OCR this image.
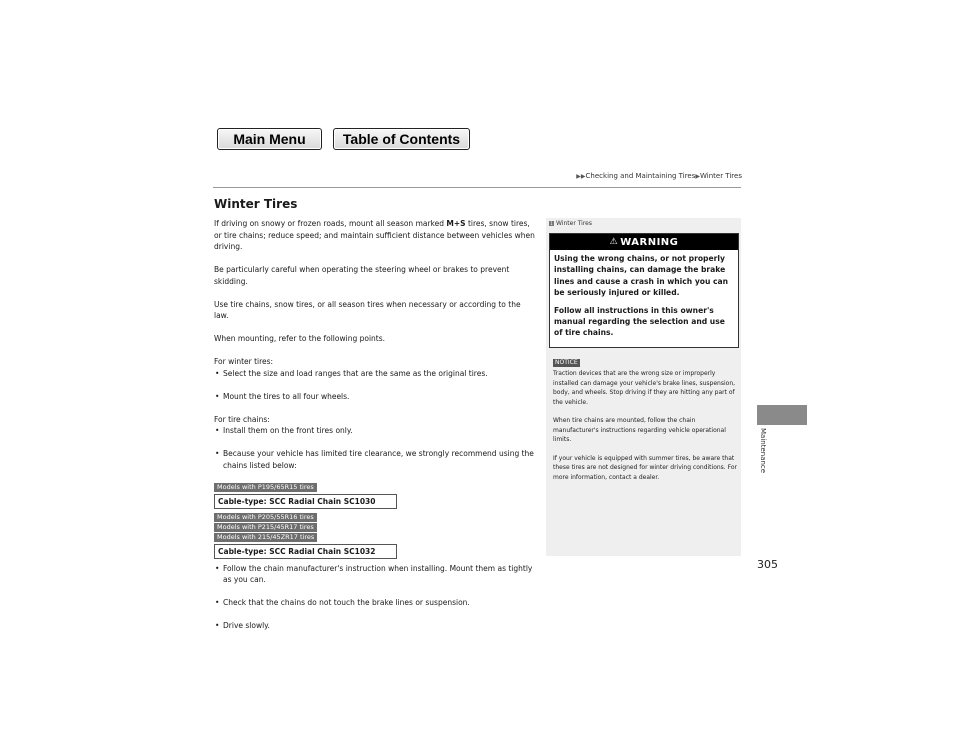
Main Menu	Table of Contents
▶▶Checking and Maintaining Tires▶Winter Tires
Winter Tires

If driving on snowy or frozen roads, mount all season marked M+S tires, snow tires, or tire chains; reduce speed; and maintain sufficient distance between vehicles when driving.

Be particularly careful when operating the steering wheel or brakes to prevent skidding.

Use tire chains, snow tires, or all season tires when necessary or according to the law.

When mounting, refer to the following points.

For winter tires:

• Select the size and load ranges that are the same as the original tires.

• Mount the tires to all four wheels.

For tire chains:

• Install them on the front tires only.

• Because your vehicle has limited tire clearance, we strongly recommend using the chains listed below:

Models with P195/65R15 tires
Cable-type: SCC Radial Chain SC1030
Models with P205/55R16 tires
Models with P215/45R17 tires
Models with 215/45ZR17 tires
Cable-type: SCC Radial Chain SC1032

• Follow the chain manufacturer's instruction when installing. Mount them as tightly as you can.

• Check that the chains do not touch the brake lines or suspension.

• Drive slowly.

1 Winter Tires
⚠ WARNING

Using the wrong chains, or not properly installing chains, can damage the brake lines and cause a crash in which you can be seriously injured or killed.

Follow all instructions in this owner's manual regarding the selection and use of tire chains.

NOTICE

Traction devices that are the wrong size or improperly installed can damage your vehicle's brake lines, suspension, body, and wheels. Stop driving if they are hitting any part of the vehicle.

When tire chains are mounted, follow the chain manufacturer's instructions regarding vehicle operational limits.

If your vehicle is equipped with summer tires, be aware that these tires are not designed for winter driving conditions. For more information, contact a dealer.

Maintenance
305
